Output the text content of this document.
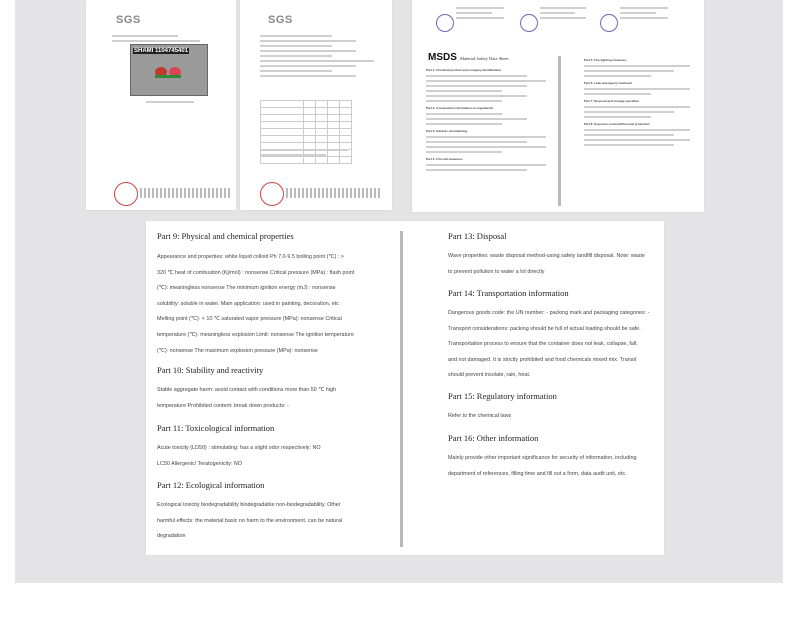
SGS
SHAMI 1104745401
SGS

MSDS Material Safety Data Sheet
Part 1: Chemical product and company identification
Part 2: Composition information on ingredients
Part 3: Hazards summarizing
Part 4: First aid measures
Part 5: Fire-fighting measures
Part 6: Leak emergency treatment
Part 7: Disposal and storage operation
Part 8: Exposure controls/Personal protection
Part 9: Physical and chemical properties
Appearance and properties: white liquid colloid Ph 7.0-9.5 boiling point (℃) : >
320 ℃ heat of combustion (Kj/mol) : nonsense Critical pressure (MPa) : flash point
(℃): meaningless nonsense The minimum ignition energy (mJ) : nonsense
solubility: soluble in water. Main application: used in painting, decoration, etc
Melting point (℃): < 10 ℃ saturated vapor pressure (MPa): nonsense Critical
temperature (℃): meaningless explosion Limit: nonsense The ignition temperature
(℃): nonsense The maximum explosion pressure (MPa): nonsense
Part 10: Stability and reactivity
Stable aggregate harm: avoid contact with conditions more than 50 ℃ high
temperature Prohibited content: break down products: -
Part 11: Toxicological information
Acute toxicity (LD50) : stimulating: has a slight odor respectively: NO
LC50 Allergenic/ Teratogenicity: NO
Part 12: Ecological information
Ecological toxicity biodegradability biodegradable non-biodegradability. Other
harmful effects: the material basic no harm to the environment, can be natural
degradation
Part 13: Disposal
Wave properties: waste disposal method-using safety landfill disposal. Note: waste
to prevent pollution to water a lot directly
Part 14: Transportation information
Dangerous goods code: the UN number: - packing mark and packaging categories: -
Transport considerations: packing should be full of actual loading should be safe.
Transportation process to ensure that the container does not leak, collapse, fall,
and not damaged. It is strictly prohibited and food chemicals mixed mix. Transit
should prevent insolate, rain, heat.
Part 15: Regulatory information
Refer to the chemical laws
Part 16: Other information
Mainly provide other important significance for security of information, including
department of references, filling time and fill out a form, data audit unit, etc.
